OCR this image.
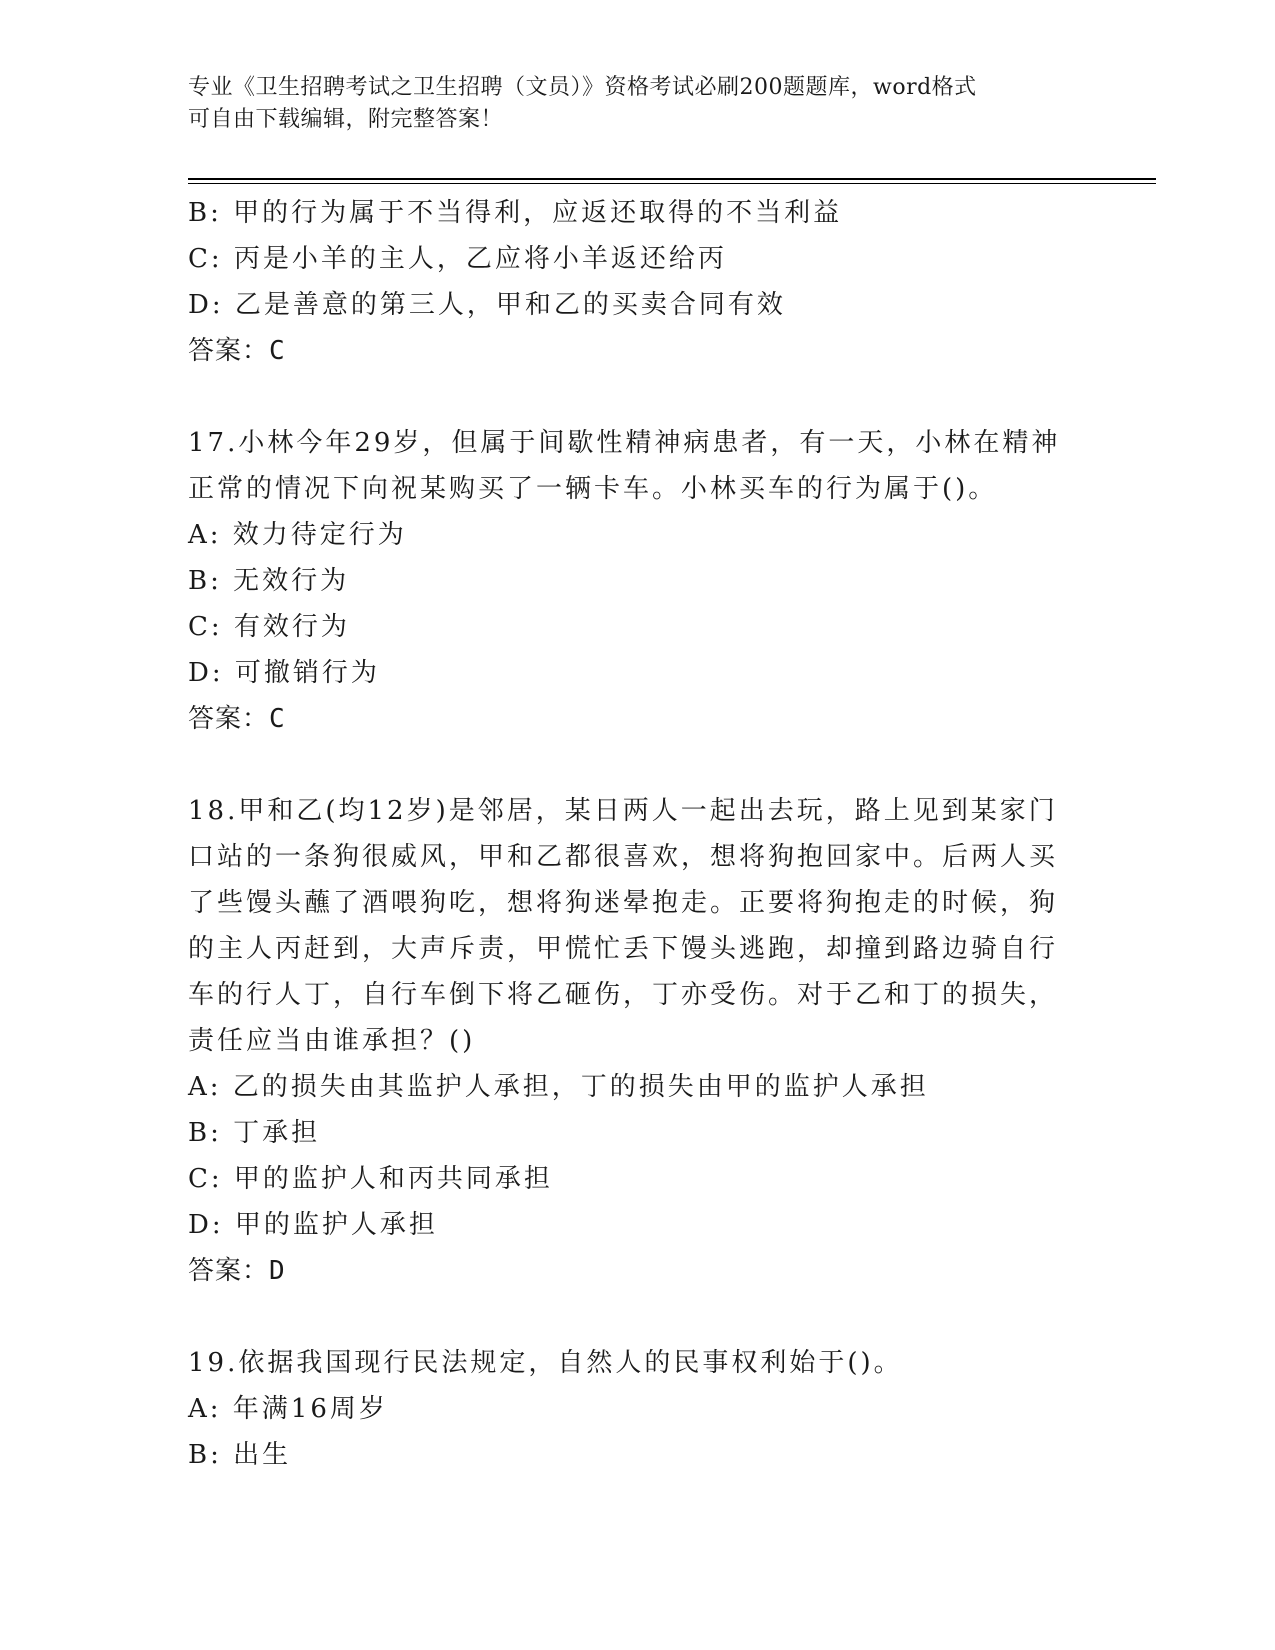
专业《卫生招聘考试之卫生招聘（文员）》资格考试必刷200题题库，word格式
可自由下载编辑，附完整答案！
B: 甲的行为属于不当得利，应返还取得的不当利益
C: 丙是小羊的主人，乙应将小羊返还给丙
D: 乙是善意的第三人，甲和乙的买卖合同有效
答案：C
17.小林今年29岁，但属于间歇性精神病患者，有一天，小林在精神
正常的情况下向祝某购买了一辆卡车。小林买车的行为属于()。
A: 效力待定行为
B: 无效行为
C: 有效行为
D: 可撤销行为
答案：C
18.甲和乙(均12岁)是邻居，某日两人一起出去玩，路上见到某家门
口站的一条狗很威风，甲和乙都很喜欢，想将狗抱回家中。后两人买
了些馒头蘸了酒喂狗吃，想将狗迷晕抱走。正要将狗抱走的时候，狗
的主人丙赶到，大声斥责，甲慌忙丢下馒头逃跑，却撞到路边骑自行
车的行人丁，自行车倒下将乙砸伤，丁亦受伤。对于乙和丁的损失，
责任应当由谁承担？()
A: 乙的损失由其监护人承担，丁的损失由甲的监护人承担
B: 丁承担
C: 甲的监护人和丙共同承担
D: 甲的监护人承担
答案：D
19.依据我国现行民法规定，自然人的民事权利始于()。
A: 年满16周岁
B: 出生
